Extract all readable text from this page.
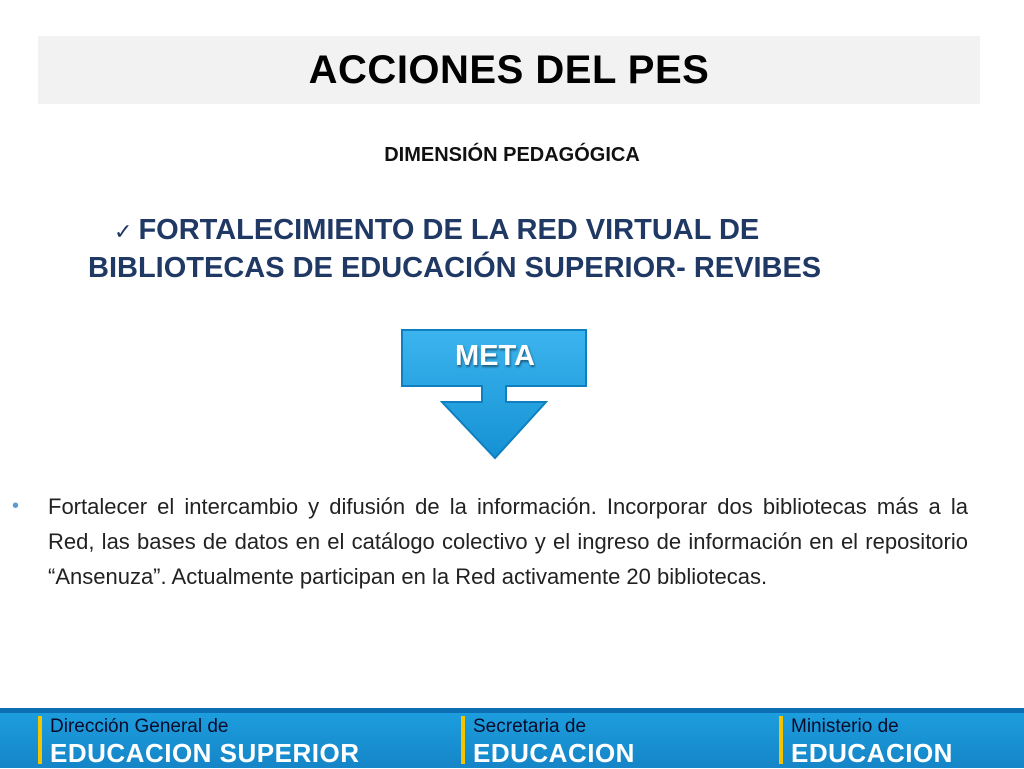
ACCIONES DEL PES
DIMENSIÓN PEDAGÓGICA
✓ FORTALECIMIENTO DE LA RED VIRTUAL DE
BIBLIOTECAS DE EDUCACIÓN SUPERIOR- REVIBES
META
• Fortalecer el intercambio y difusión de la información. Incorporar dos bibliotecas más a la Red, las bases de datos en el catálogo colectivo y el ingreso de información en el repositorio “Ansenuza”. Actualmente participan en la Red activamente 20 bibliotecas.
Dirección General de
EDUCACION SUPERIOR
Secretaria de
EDUCACION
Ministerio de
EDUCACION
